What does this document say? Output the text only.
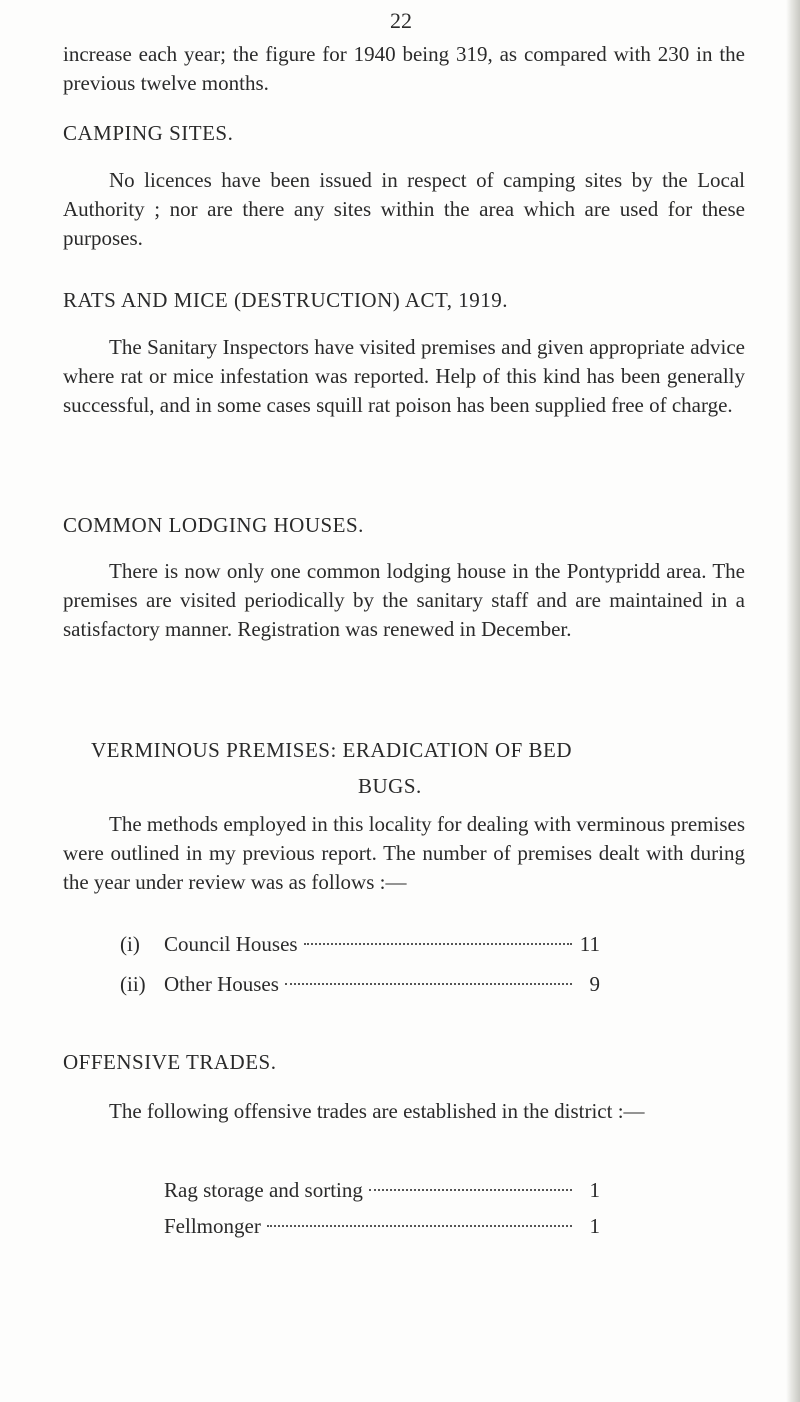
22
increase each year; the figure for 1940 being 319, as compared with 230 in the previous twelve months.
CAMPING SITES.
No licences have been issued in respect of camping sites by the Local Authority ; nor are there any sites within the area which are used for these purposes.
RATS AND MICE (DESTRUCTION) ACT, 1919.
The Sanitary Inspectors have visited premises and given appropriate advice where rat or mice infestation was reported. Help of this kind has been generally successful, and in some cases squill rat poison has been supplied free of charge.
COMMON LODGING HOUSES.
There is now only one common lodging house in the Pontypridd area. The premises are visited periodically by the sanitary staff and are maintained in a satisfactory manner. Registration was renewed in December.
VERMINOUS PREMISES: ERADICATION OF BED
BUGS.
The methods employed in this locality for dealing with verminous premises were outlined in my previous report. The number of premises dealt with during the year under review was as follows :—
(i)	Council Houses	11
(ii) Other Houses	9
OFFENSIVE TRADES.
The following offensive trades are established in the district :—
Rag storage and sorting	1
Fellmonger	1
